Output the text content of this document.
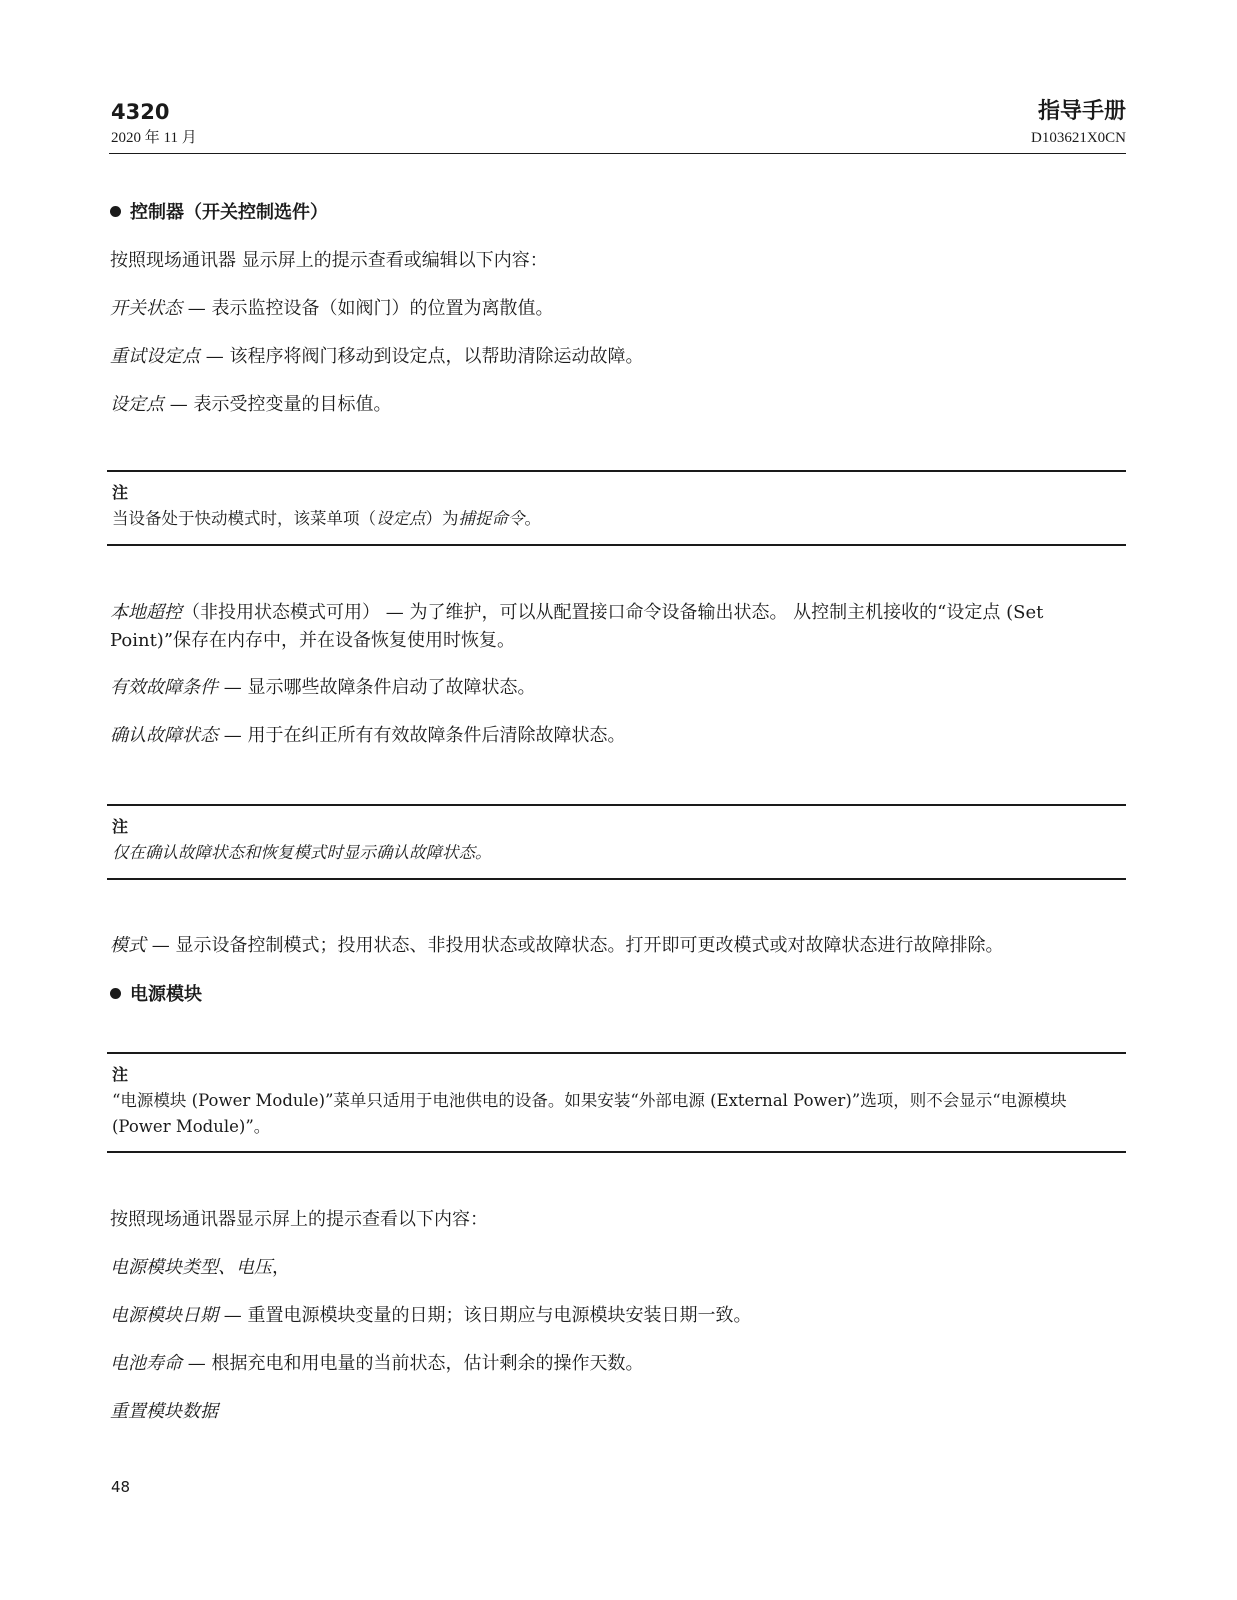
4320
2020 年 11 月
指导手册
D103621X0CN

控制器（开关控制选件）

按照现场通讯器 显示屏上的提示查看或编辑以下内容：

开关状态 — 表示监控设备（如阀门）的位置为离散值。

重试设定点 — 该程序将阀门移动到设定点，以帮助清除运动故障。

设定点 — 表示受控变量的目标值。

注

当设备处于快动模式时，该菜单项（设定点）为捕捉命令。

本地超控（非投用状态模式可用） — 为了维护，可以从配置接口命令设备输出状态。 从控制主机接收的“设定点 (Set Point)”保存在内存中，并在设备恢复使用时恢复。

有效故障条件 — 显示哪些故障条件启动了故障状态。

确认故障状态 — 用于在纠正所有有效故障条件后清除故障状态。

注

仅在确认故障状态和恢复模式时显示确认故障状态。

模式 — 显示设备控制模式；投用状态、非投用状态或故障状态。打开即可更改模式或对故障状态进行故障排除。

电源模块

注

“电源模块 (Power Module)”菜单只适用于电池供电的设备。如果安装“外部电源 (External Power)”选项，则不会显示“电源模块 (Power Module)”。

按照现场通讯器显示屏上的提示查看以下内容：

电源模块类型、电压，

电源模块日期 — 重置电源模块变量的日期；该日期应与电源模块安装日期一致。

电池寿命 — 根据充电和用电量的当前状态，估计剩余的操作天数。

重置模块数据

48
